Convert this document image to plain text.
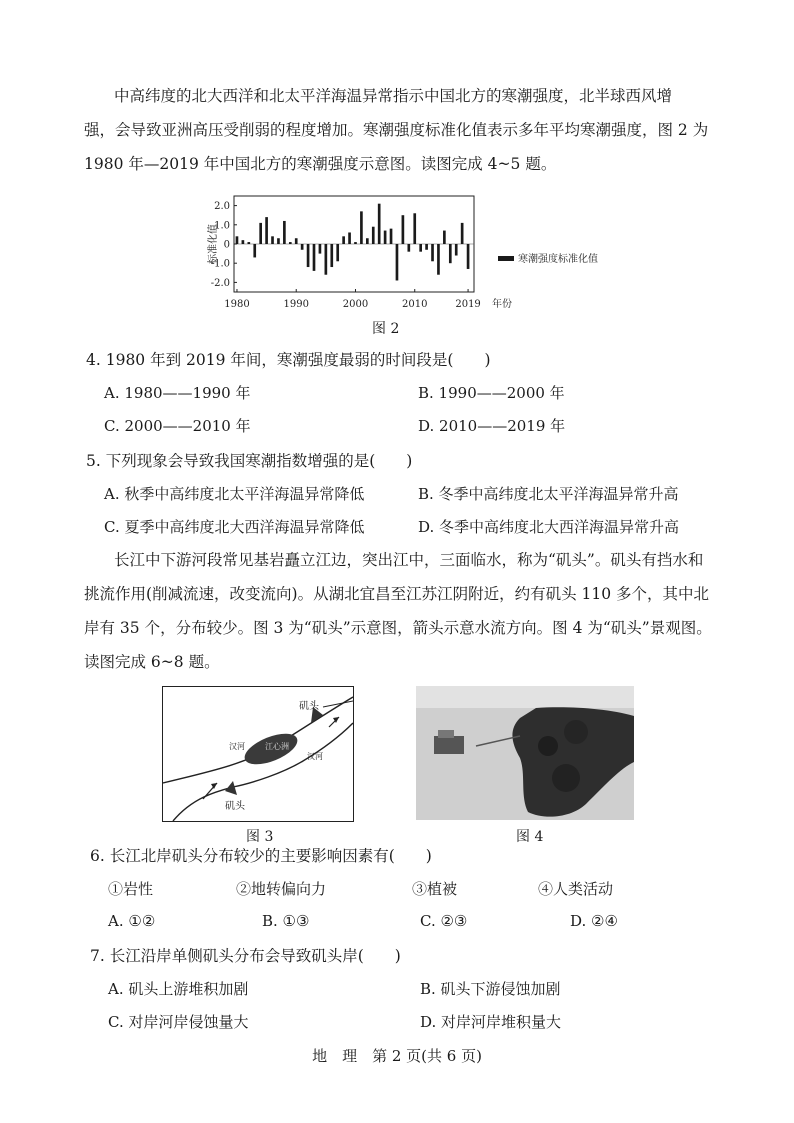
中高纬度的北大西洋和北太平洋海温异常指示中国北方的寒潮强度，北半球西风增
强，会导致亚洲高压受削弱的程度增加。寒潮强度标准化值表示多年平均寒潮强度，图 2 为
1980 年—2019 年中国北方的寒潮强度示意图。读图完成 4~5 题。
2.0
1.0
0
-1.0
-2.0
1980	1990	2000	2010	2019
标准化值
年份
寒潮强度标准化值
图 2
4. 1980 年到 2019 年间，寒潮强度最弱的时间段是(　　)
A. 1980——1990 年	B. 1990——2000 年
C. 2000——2010 年	D. 2010——2019 年
5. 下列现象会导致我国寒潮指数增强的是(　　)
A. 秋季中高纬度北太平洋海温异常降低	B. 冬季中高纬度北太平洋海温异常升高
C. 夏季中高纬度北大西洋海温异常降低	D. 冬季中高纬度北大西洋海温异常升高
长江中下游河段常见基岩矗立江边，突出江中，三面临水，称为“矶头”。矶头有挡水和
挑流作用(削减流速，改变流向)。从湖北宜昌至江苏江阴附近，约有矶头 110 多个，其中北
岸有 35 个，分布较少。图 3 为“矶头”示意图，箭头示意水流方向。图 4 为“矶头”景观图。
读图完成 6~8 题。
矶头
矶头
汉河	江心洲
汉河
图 3	图 4
6. 长江北岸矶头分布较少的主要影响因素有(　　)
①岩性	②地转偏向力	③植被	④人类活动
A. ①②	B. ①③	C. ②③	D. ②④
7. 长江沿岸单侧矶头分布会导致矶头岸(　　)
A. 矶头上游堆积加剧	B. 矶头下游侵蚀加剧
C. 对岸河岸侵蚀量大	D. 对岸河岸堆积量大
地　理　第 2 页(共 6 页)
